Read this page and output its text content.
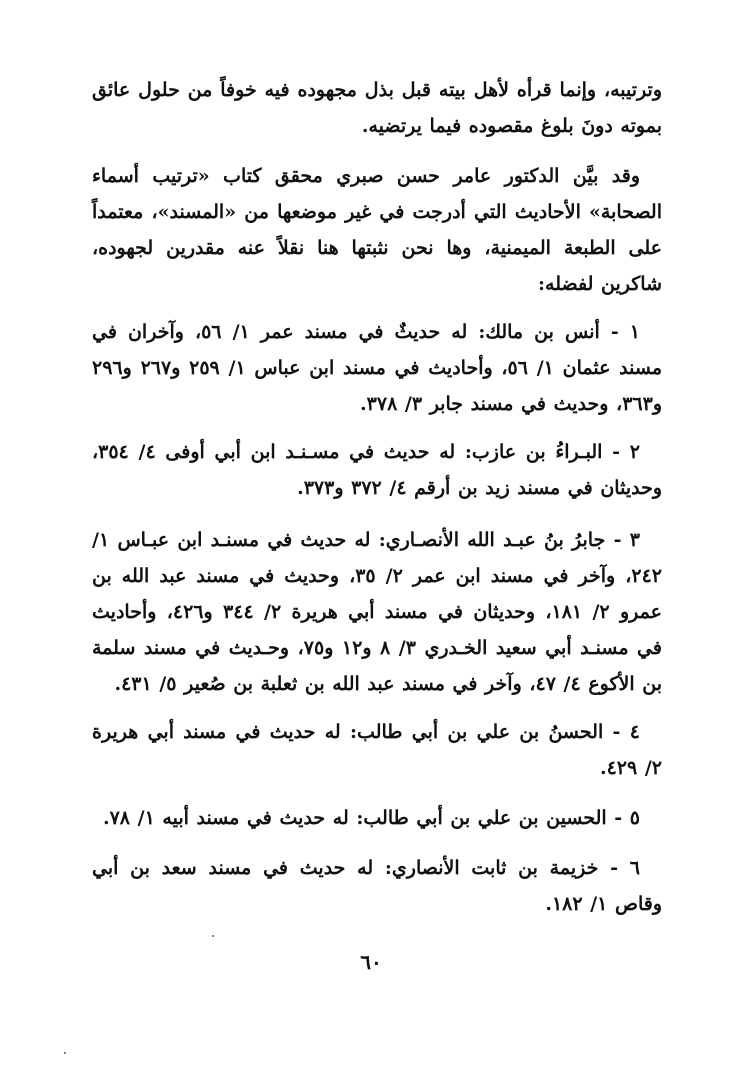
وترتيبه، وإنما قرأه لأهل بيته قبل بذل مجهوده فيه خوفاً من حلول عائق بموته دونَ بلوغ مقصوده فيما يرتضيه.

وقد بيَّن الدكتور عامر حسن صبري محقق كتاب «ترتيب أسماء الصحابة» الأحاديث التي أدرجت في غير موضعها من «المسند»، معتمداً على الطبعة الميمنية، وها نحن نثبتها هنا نقلاً عنه مقدرين لجهوده، شاكرين لفضله:

١ - أنس بن مالك: له حديثٌ في مسند عمر ١/ ٥٦، وآخران في مسند عثمان ١/ ٥٦، وأحاديث في مسند ابن عباس ١/ ٢٥٩ و٢٦٧ و٢٩٦ و٣٦٣، وحديث في مسند جابر ٣/ ٣٧٨.

٢ - البـراءُ بن عازب: له حديث في مسـنـد ابن أبي أوفى ٤/ ٣٥٤، وحديثان في مسند زيد بن أرقم ٤/ ٣٧٢ و٣٧٣.

٣ - جابرُ بنُ عبـد الله الأنصـاري: له حديث في مسنـد ابن عبـاس ١/ ٢٤٢، وآخر في مسند ابن عمر ٢/ ٣٥، وحديث في مسند عبد الله بن عمرو ٢/ ١٨١، وحديثان في مسند أبي هريرة ٢/ ٣٤٤ و٤٢٦، وأحاديث في مسنـد أبي سعيد الخـدري ٣/ ٨ و١٢ و٧٥، وحـديث في مسند سلمة بن الأكوع ٤/ ٤٧، وآخر في مسند عبد الله بن ثعلبة بن صُعير ٥/ ٤٣١.

٤ - الحسنُ بن علي بن أبي طالب: له حديث في مسند أبي هريرة ٢/ ٤٢٩.

٥ - الحسين بن علي بن أبي طالب: له حديث في مسند أبيه ١/ ٧٨.

٦ - خزيمة بن ثابت الأنصاري: له حديث في مسند سعد بن أبي وقاص ١/ ١٨٢.

٦٠
